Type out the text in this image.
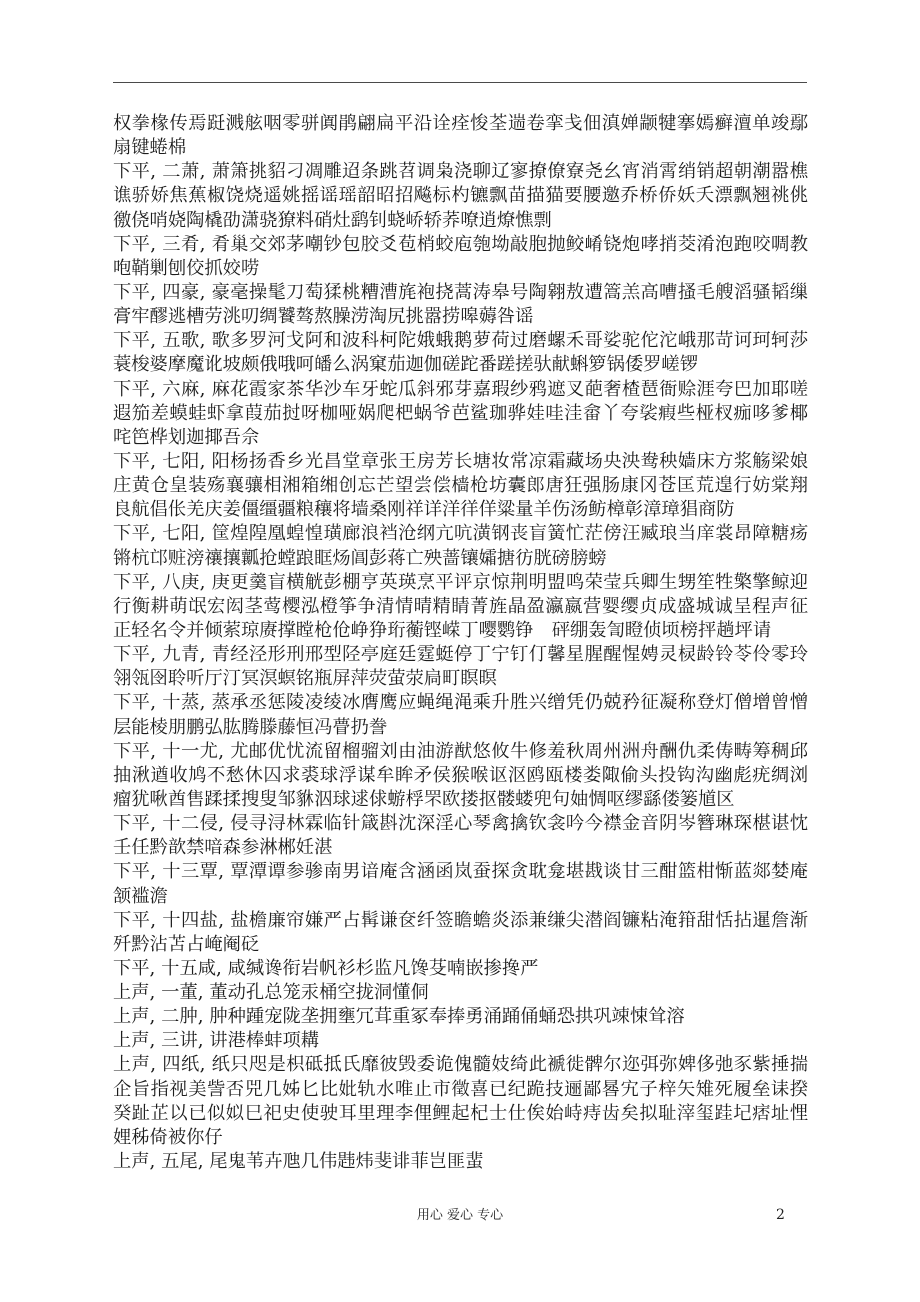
权拳椽传焉跹溅舷咽零骈阗鹃翩扁平沿诠痊悛荃遄卷挛戋佃滇婵颛犍搴嫣癣澶单竣鄢
扇键蜷棉
下平, 二萧, 萧箫挑貂刁凋雕迢条跳苕调枭浇聊辽寥撩僚寮尧幺宵消霄绡销超朝潮嚣樵
谯骄娇焦蕉椒饶烧遥姚摇谣瑶韶昭招飚标杓镳飘苗描猫要腰邀乔桥侨妖夭漂飘翘祧佻
徼侥哨娆陶橇劭潇骁獠料硝灶鹞钊蛲峤轿荞嘹逍燎憔剽
下平, 三肴, 肴巢交郊茅嘲钞包胶爻苞梢蛟庖匏坳敲胞抛鲛崤铙炮哮捎茭淆泡跑咬啁教
咆鞘剿刨佼抓姣唠
下平, 四豪, 豪毫操髦刀萄猱桃糟漕旄袍挠蒿涛皋号陶翱敖遭篙羔高嘈搔毛艘滔骚韬缫
膏牢醪逃槽劳洮叨绸饕骜熬臊涝淘尻挑嚣捞嗥薅咎谣
下平, 五歌, 歌多罗河戈阿和波科柯陀娥蛾鹅萝荷过磨螺禾哥娑驼佗沱峨那苛诃珂轲莎
蓑梭婆摩魔讹坡颇俄哦呵皤么涡窠茄迦伽磋跎番蹉搓驮献蝌箩锅倭罗嵯锣
下平, 六麻, 麻花霞家茶华沙车牙蛇瓜斜邪芽嘉瑕纱鸦遮叉葩奢楂琶衙赊涯夸巴加耶嗟
遐笳差蟆蛙虾拿葭茄挝呀枷哑娲爬杷蜗爷芭鲨珈骅娃哇洼畲丫夸裟瘕些桠杈痂哆爹椰
咤笆桦划迦揶吾佘
下平, 七阳, 阳杨扬香乡光昌堂章张王房芳长塘妆常凉霜藏场央泱鸯秧嫱床方浆觞梁娘
庄黄仓皇装殇襄骧相湘箱缃创忘芒望尝偿樯枪坊囊郎唐狂强肠康冈苍匡荒遑行妨棠翔
良航倡伥羌庆姜僵缰疆粮穰将墙桑刚祥详洋徉佯粱量羊伤汤鲂樟彰漳璋猖商防
下平, 七阳, 筐煌隍凰蝗惶璜廊浪裆沧纲亢吭潢钢丧盲簧忙茫傍汪臧琅当庠裳昂障糖疡
锵杭邙赃滂禳攘瓤抢螳踉眶炀阊彭蒋亡殃蔷镶孀搪彷胱磅膀螃
下平, 八庚, 庚更羹盲横觥彭棚亨英瑛烹平评京惊荆明盟鸣荣莹兵卿生甥笙牲檠擎鲸迎
行衡耕萌氓宏闳茎莺樱泓橙筝争清情晴精睛菁旌晶盈瀛嬴营婴缨贞成盛城诚呈程声征
正轻名令并倾萦琼赓撑瞠枪伧峥狰珩蘅铿嵘丁嘤鹦铮　砰绷轰訇瞪侦顷榜抨趟坪请
下平, 九青, 青经泾形刑邢型陉亭庭廷霆蜓停丁宁钉仃馨星腥醒惺娉灵棂龄铃苓伶零玲
翎瓴囹聆听厅汀冥溟螟铭瓶屏萍荧萤荥扃町瞑暝
下平, 十蒸, 蒸承丞惩陵凌绫冰膺鹰应蝇绳渑乘升胜兴缯凭仍兢矜征凝称登灯僧增曾憎
层能棱朋鹏弘肱腾滕藤恒冯瞢扔誊
下平, 十一尤, 尤邮优忧流留榴骝刘由油游猷悠攸牛修羞秋周州洲舟酬仇柔俦畴筹稠邱
抽湫遒收鸠不愁休囚求裘球浮谋牟眸矛侯猴喉讴沤鸥瓯楼娄陬偷头投钩沟幽彪疣绸浏
瘤犹啾酋售蹂揉搜叟邹貅泅球逑俅蝣桴罘欧搂抠髅蝼兜句妯惆呕缪繇偻篓馗区
下平, 十二侵, 侵寻浔林霖临针箴斟沈深淫心琴禽擒钦衾吟今襟金音阴岑簪琳琛椹谌忱
壬任黔歆禁喑森参淋郴妊湛
下平, 十三覃, 覃潭谭参骖南男谙庵含涵函岚蚕探贪耽龛堪戡谈甘三酣篮柑惭蓝郯婪庵
颔褴澹
下平, 十四盐, 盐檐廉帘嫌严占髯谦奁纤签瞻蟾炎添兼缣尖潜阎镰粘淹箝甜恬拈暹詹渐
歼黔沾苫占崦阉砭
下平, 十五咸, 咸缄谗衔岩帆衫杉监凡馋芟喃嵌掺搀严
上声, 一董, 董动孔总笼汞桶空拢洞懂侗
上声, 二肿, 肿种踵宠陇垄拥壅冗茸重冢奉捧勇涌踊俑蛹恐拱巩竦悚耸溶
上声, 三讲, 讲港棒蚌项耩
上声, 四纸, 纸只咫是枳砥抵氏靡彼毁委诡傀髓妓绮此褫徙髀尔迩弭弥婢侈弛豕紫捶揣
企旨指视美訾否兕几姊匕比妣轨水唯止市徵喜已纪跪技逦鄙晷宄子梓矢雉死履垒诔揆
癸趾芷以已似姒巳祀史使驶耳里理李俚鲤起杞士仕俟始峙痔齿矣拟耻滓玺跬圮痞址悝
娌秭倚被你仔
上声, 五尾, 尾鬼苇卉虺几伟韪炜斐诽菲岂匪蜚
用心 爱心 专心	2
